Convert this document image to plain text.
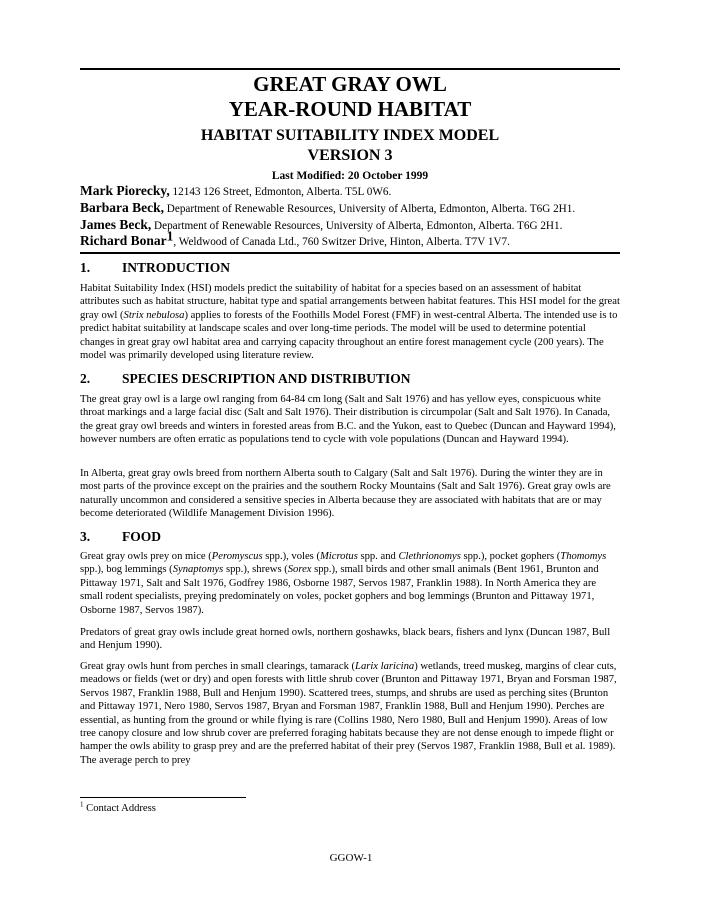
GREAT GRAY OWL
YEAR-ROUND HABITAT
HABITAT SUITABILITY INDEX MODEL
VERSION 3
Last Modified: 20 October 1999
Mark Piorecky, 12143 126 Street, Edmonton, Alberta. T5L 0W6.
Barbara Beck, Department of Renewable Resources, University of Alberta, Edmonton, Alberta. T6G 2H1.
James Beck, Department of Renewable Resources, University of Alberta, Edmonton, Alberta. T6G 2H1.
Richard Bonar$^1$, Weldwood of Canada Ltd., 760 Switzer Drive, Hinton, Alberta. T7V 1V7.
1. INTRODUCTION

Habitat Suitability Index (HSI) models predict the suitability of habitat for a species based on an assessment of habitat attributes such as habitat structure, habitat type and spatial arrangements between habitat features. This HSI model for the great gray owl (Strix nebulosa) applies to forests of the Foothills Model Forest (FMF) in west-central Alberta. The intended use is to predict habitat suitability at landscape scales and over long-time periods. The model will be used to determine potential changes in great gray owl habitat area and carrying capacity throughout an entire forest management cycle (200 years). The model was primarily developed using literature review.

2. SPECIES DESCRIPTION AND DISTRIBUTION

The great gray owl is a large owl ranging from 64-84 cm long (Salt and Salt 1976) and has yellow eyes, conspicuous white throat markings and a large facial disc (Salt and Salt 1976). Their distribution is circumpolar (Salt and Salt 1976). In Canada, the great gray owl breeds and winters in forested areas from B.C. and the Yukon, east to Quebec (Duncan and Hayward 1994), however numbers are often erratic as populations tend to cycle with vole populations (Duncan and Hayward 1994).

In Alberta, great gray owls breed from northern Alberta south to Calgary (Salt and Salt 1976). During the winter they are in most parts of the province except on the prairies and the southern Rocky Mountains (Salt and Salt 1976). Great gray owls are naturally uncommon and considered a sensitive species in Alberta because they are associated with habitats that are or may become deteriorated (Wildlife Management Division 1996).

3. FOOD

Great gray owls prey on mice (Peromyscus spp.), voles (Microtus spp. and Clethrionomys spp.), pocket gophers (Thomomys spp.), bog lemmings (Synaptomys spp.), shrews (Sorex spp.), small birds and other small animals (Bent 1961, Brunton and Pittaway 1971, Salt and Salt 1976, Godfrey 1986, Osborne 1987, Servos 1987, Franklin 1988). In North America they are small rodent specialists, preying predominately on voles, pocket gophers and bog lemmings (Brunton and Pittaway 1971, Osborne 1987, Servos 1987).

Predators of great gray owls include great horned owls, northern goshawks, black bears, fishers and lynx (Duncan 1987, Bull and Henjum 1990).

Great gray owls hunt from perches in small clearings, tamarack (Larix laricina) wetlands, treed muskeg, margins of clear cuts, meadows or fields (wet or dry) and open forests with little shrub cover (Brunton and Pittaway 1971, Bryan and Forsman 1987, Servos 1987, Franklin 1988, Bull and Henjum 1990). Scattered trees, stumps, and shrubs are used as perching sites (Brunton and Pittaway 1971, Nero 1980, Servos 1987, Bryan and Forsman 1987, Franklin 1988, Bull and Henjum 1990). Perches are essential, as hunting from the ground or while flying is rare (Collins 1980, Nero 1980, Bull and Henjum 1990). Areas of low tree canopy closure and low shrub cover are preferred foraging habitats because they are not dense enough to impede flight or hamper the owls ability to grasp prey and are the preferred habitat of their prey (Servos 1987, Franklin 1988, Bull et al. 1989). The average perch to prey

$^1$ Contact Address
GGOW-1
